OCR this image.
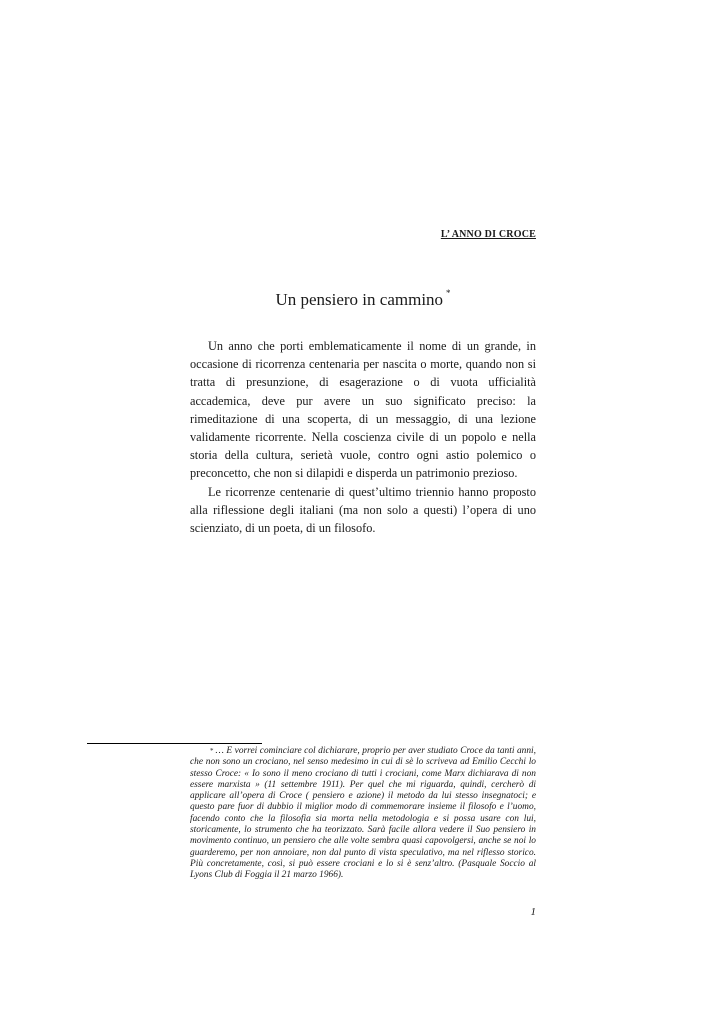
L’ ANNO DI CROCE
Un pensiero in cammino *

Un anno che porti emblematicamente il nome di un grande, in occasione di ricorrenza centenaria per nascita o morte, quando non si tratta di presunzione, di esagerazione o di vuota ufficialità accademica, deve pur avere un suo significato preciso: la rimeditazione di una scoperta, di un messaggio, di una lezione validamente ricorrente. Nella coscienza civile di un popolo e nella storia della cultura, serietà vuole, contro ogni astio polemico o preconcetto, che non si dilapidi e disperda un patrimonio prezioso.

Le ricorrenze centenarie di quest’ultimo triennio hanno proposto alla riflessione degli italiani (ma non solo a questi) l’opera di uno scienziato, di un poeta, di un filosofo.

* … E vorrei cominciare col dichiarare, proprio per aver studiato Croce da tanti anni, che non sono un crociano, nel senso medesimo in cui di sè lo scriveva ad Emilio Cecchi lo stesso Croce: « Io sono il meno crociano di tutti i crociani, come Marx dichiarava di non essere marxista » (11 settembre 1911). Per quel che mi riguarda, quindi, cercherò di applicare all’opera di Croce ( pensiero e azione) il metodo da lui stesso insegnatoci; e questo pare fuor di dubbio il miglior modo di commemorare insieme il filosofo e l’uomo, facendo conto che la filosofia sia morta nella metodologia e si possa usare con lui, storicamente, lo strumento che ha teorizzato. Sarà facile allora vedere il Suo pensiero in movimento continuo, un pensiero che alle volte sembra quasi capovolgersi, anche se noi lo guarderemo, per non annoiare, non dal punto di vista speculativo, ma nel riflesso storico. Più concretamente, così, si può essere crociani e lo si è senz’altro. (Pasquale Soccio al Lyons Club di Foggia il 21 marzo 1966).

1
